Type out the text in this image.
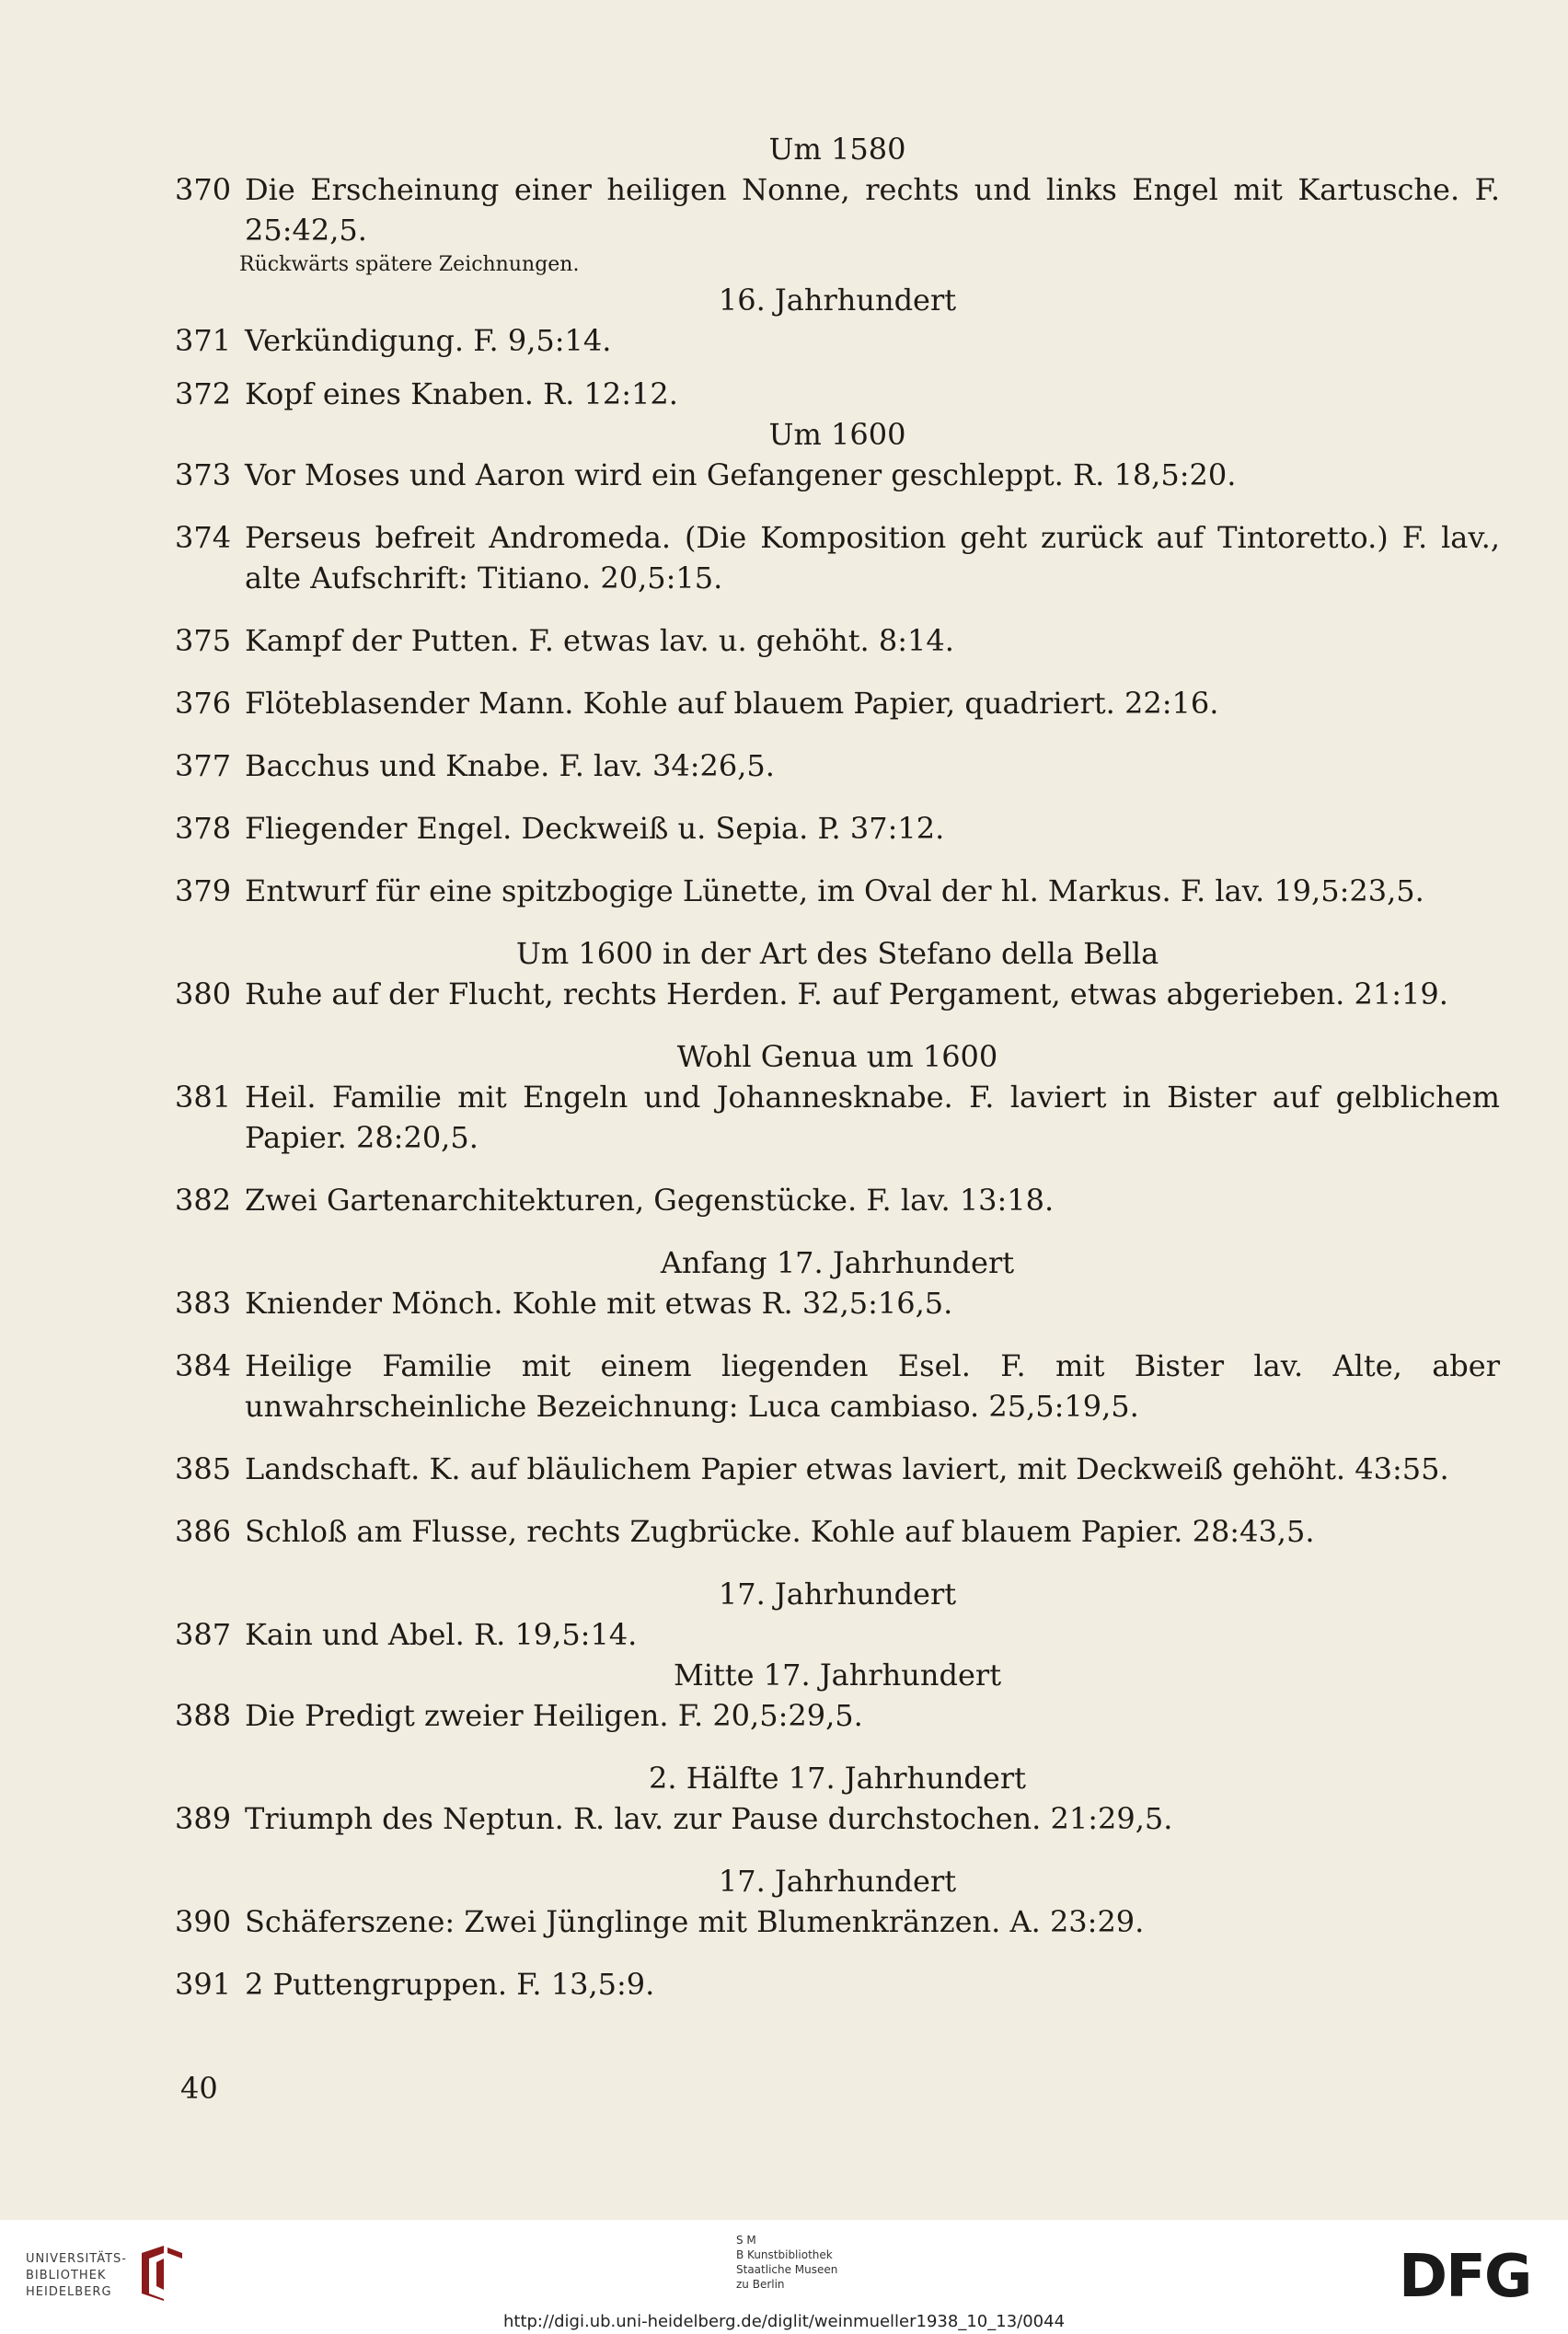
Um 1580
370 Die Erscheinung einer heiligen Nonne, rechts und links Engel mit Kartusche. F. 25:42,5.
Rückwärts spätere Zeichnungen.
16. Jahrhundert
371 Verkündigung. F. 9,5:14.
372 Kopf eines Knaben. R. 12:12.
Um 1600
373 Vor Moses und Aaron wird ein Gefangener geschleppt. R. 18,5:20.
374 Perseus befreit Andromeda. (Die Komposition geht zurück auf Tintoretto.) F. lav., alte Aufschrift: Titiano. 20,5:15.
375 Kampf der Putten. F. etwas lav. u. gehöht. 8:14.
376 Flöteblasender Mann. Kohle auf blauem Papier, quadriert. 22:16.
377 Bacchus und Knabe. F. lav. 34:26,5.
378 Fliegender Engel. Deckweiß u. Sepia. P. 37:12.
379 Entwurf für eine spitzbogige Lünette, im Oval der hl. Markus. F. lav. 19,5:23,5.
Um 1600 in der Art des Stefano della Bella
380 Ruhe auf der Flucht, rechts Herden. F. auf Pergament, etwas abgerieben. 21:19.
Wohl Genua um 1600
381 Heil. Familie mit Engeln und Johannesknabe. F. laviert in Bister auf gelblichem Papier. 28:20,5.
382 Zwei Gartenarchitekturen, Gegenstücke. F. lav. 13:18.
Anfang 17. Jahrhundert
383 Kniender Mönch. Kohle mit etwas R. 32,5:16,5.
384 Heilige Familie mit einem liegenden Esel. F. mit Bister lav. Alte, aber unwahrscheinliche Bezeichnung: Luca cambiaso. 25,5:19,5.
385 Landschaft. K. auf bläulichem Papier etwas laviert, mit Deckweiß gehöht. 43:55.
386 Schloß am Flusse, rechts Zugbrücke. Kohle auf blauem Papier. 28:43,5.
17. Jahrhundert
387 Kain und Abel. R. 19,5:14.
Mitte 17. Jahrhundert
388 Die Predigt zweier Heiligen. F. 20,5:29,5.
2. Hälfte 17. Jahrhundert
389 Triumph des Neptun. R. lav. zur Pause durchstochen. 21:29,5.
17. Jahrhundert
390 Schäferszene: Zwei Jünglinge mit Blumenkränzen. A. 23:29.
391 2 Puttengruppen. F. 13,5:9.
40
UNIVERSITÄTS-
BIBLIOTHEK
HEIDELBERG
S M
B Kunstbibliothek
Staatliche Museen
zu Berlin	DFG
http://digi.ub.uni-heidelberg.de/diglit/weinmueller1938_10_13/0044
